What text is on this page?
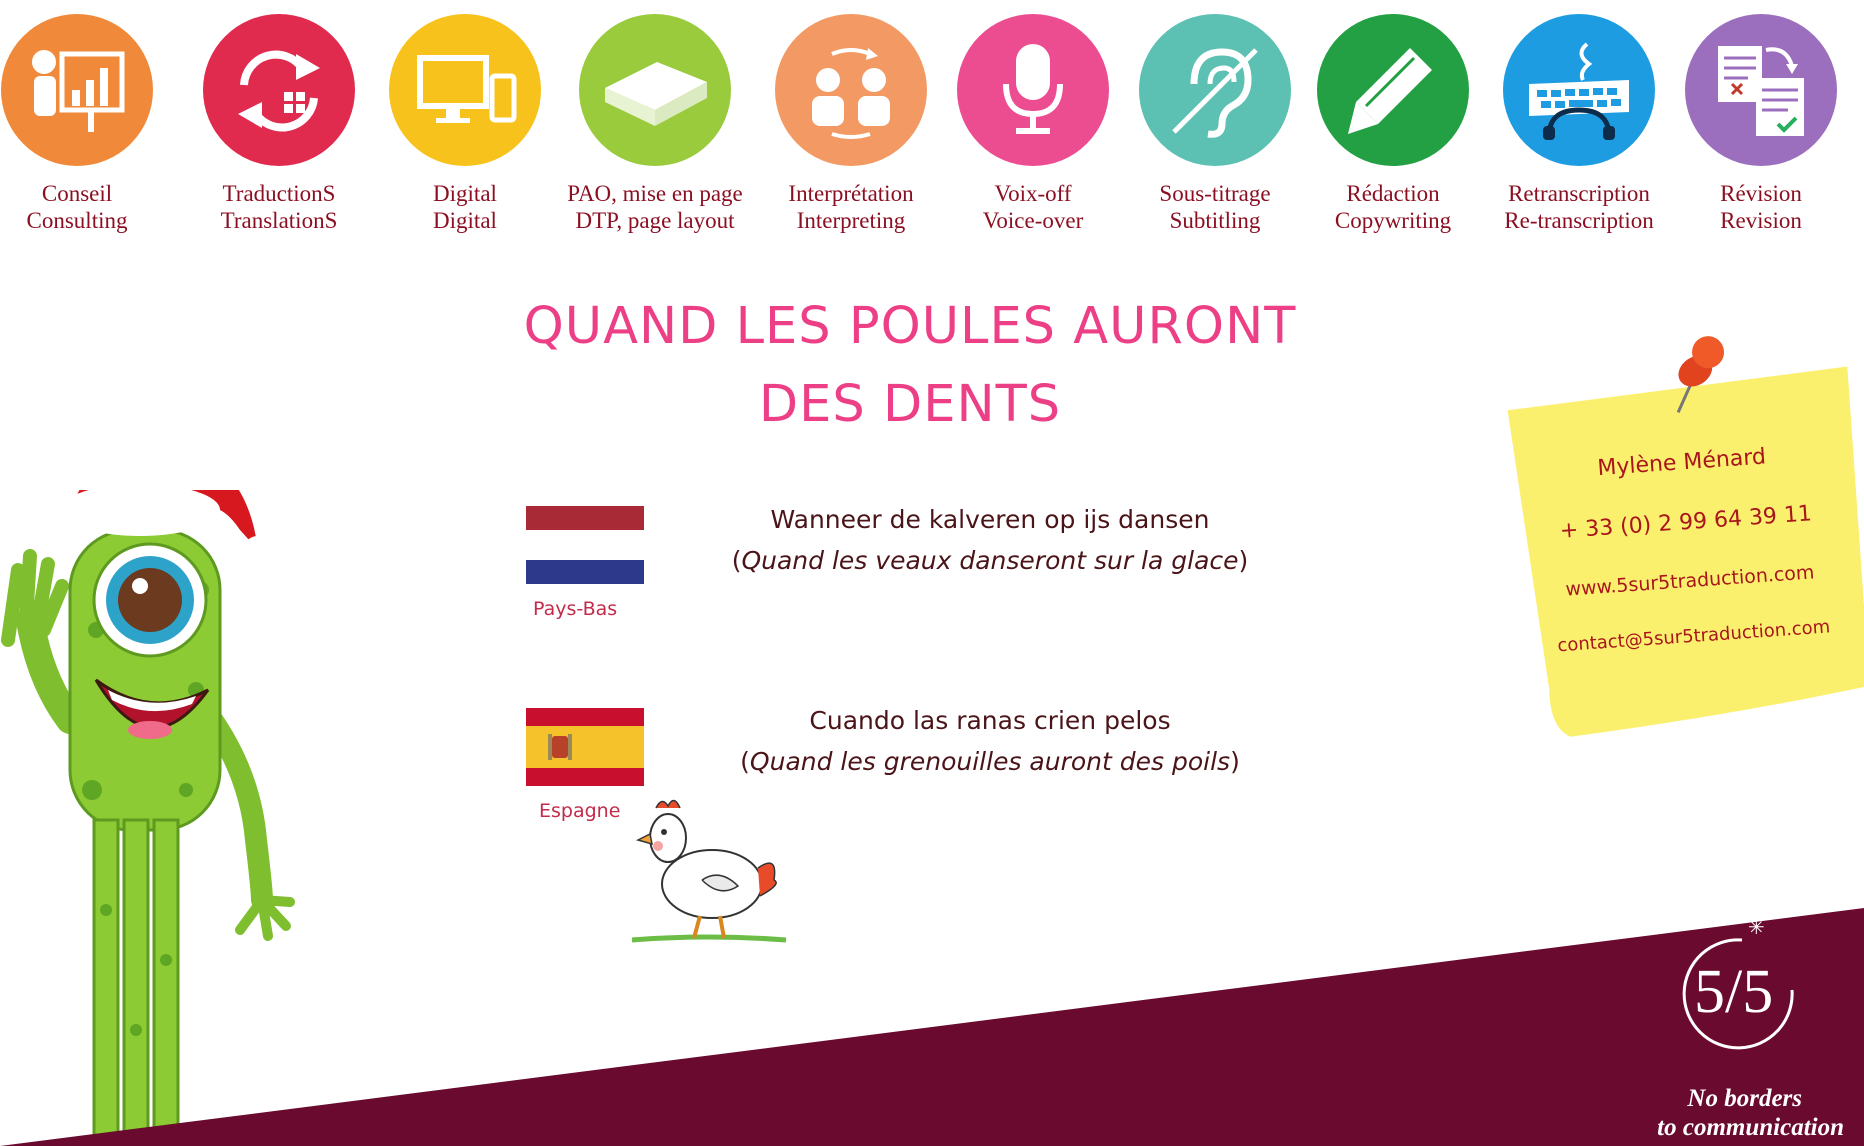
Conseil
Consulting
TraductionS
TranslationS
Digital
Digital
PAO, mise en page
DTP, page layout
Interprétation
Interpreting
Voix-off
Voice-over
Sous-titrage
Subtitling
Rédaction
Copywriting
Retranscription
Re-transcription
Révision
Revision
QUAND LES POULES AURONT
DES DENTS
Pays-Bas
Wanneer de kalveren op ijs dansen
(Quand les veaux danseront sur la glace)
Espagne
Cuando las ranas crien pelos
(Quand les grenouilles auront des poils)
Mylène Ménard
+ 33 (0) 2 99 64 39 11
www.5sur5traduction.com
contact@5sur5traduction.com
5/5
✳
No borders
to communication
